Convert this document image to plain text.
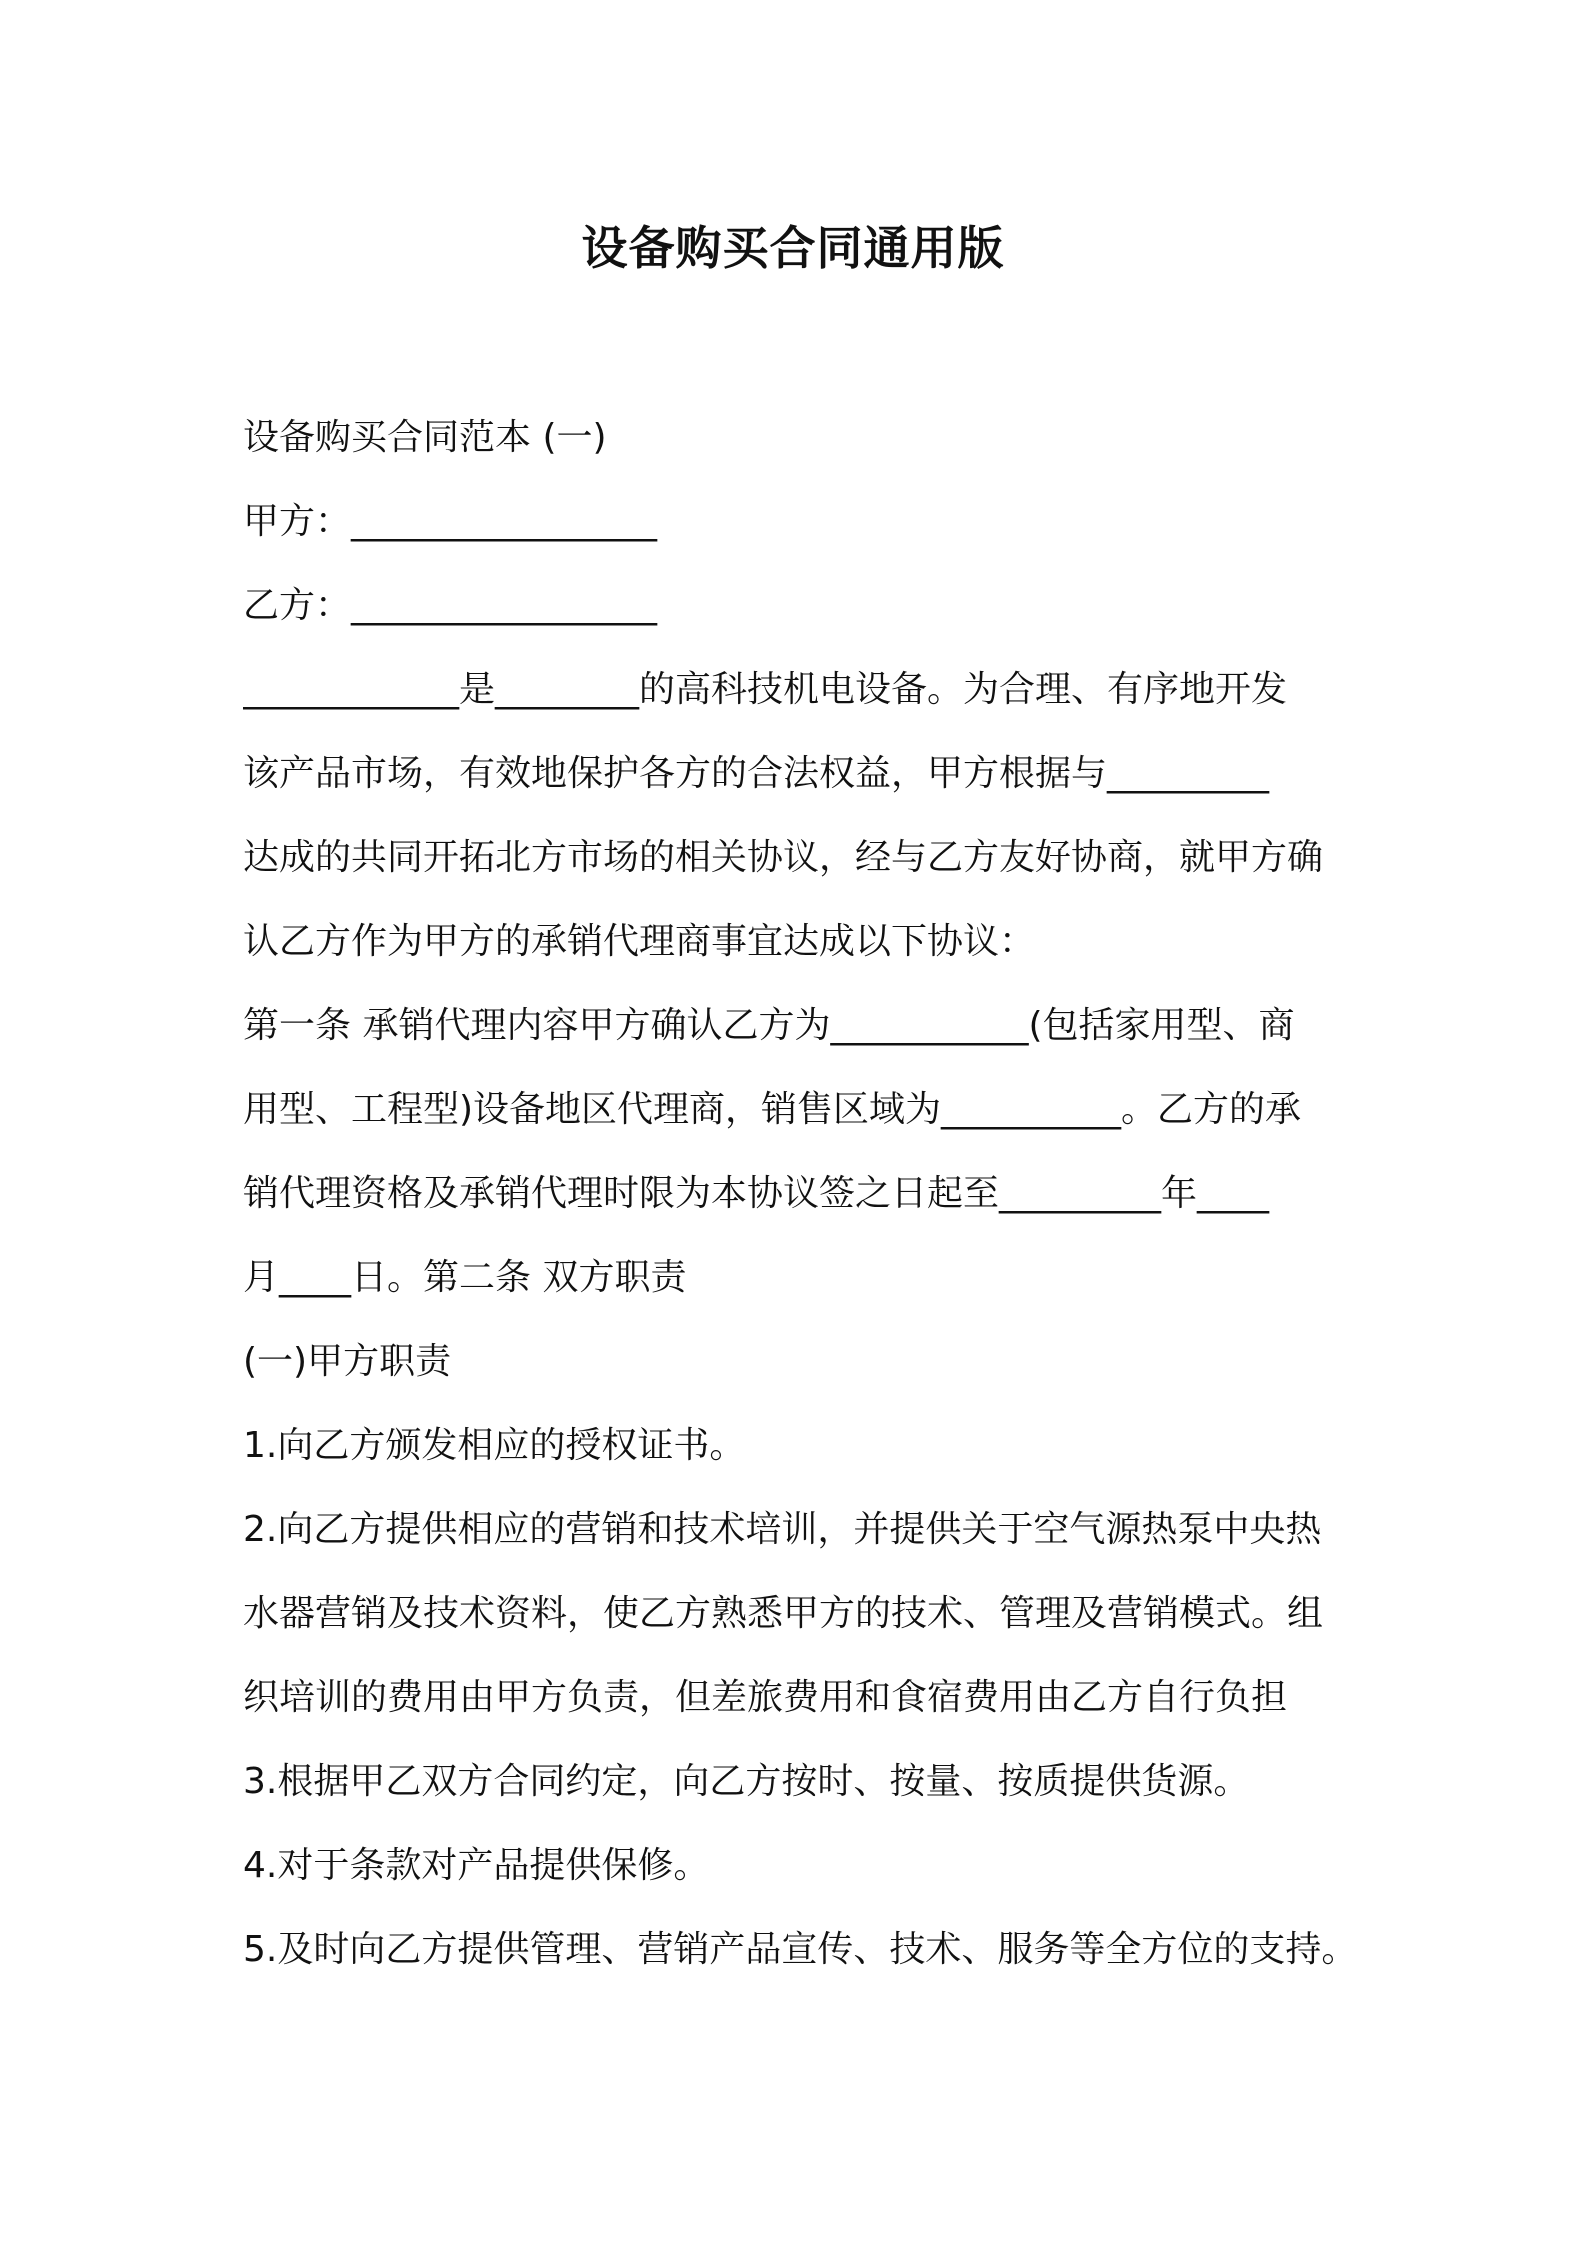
设备购买合同通用版
设备购买合同范本 (一)
甲方：_________________
乙方：_________________
____________是________的高科技机电设备。为合理、有序地开发
该产品市场，有效地保护各方的合法权益，甲方根据与_________
达成的共同开拓北方市场的相关协议，经与乙方友好协商，就甲方确
认乙方作为甲方的承销代理商事宜达成以下协议：
第一条 承销代理内容甲方确认乙方为___________(包括家用型、商
用型、工程型)设备地区代理商，销售区域为__________。乙方的承
销代理资格及承销代理时限为本协议签之日起至_________年____
月____日。第二条 双方职责
(一)甲方职责
1.向乙方颁发相应的授权证书。
2.向乙方提供相应的营销和技术培训，并提供关于空气源热泵中央热
水器营销及技术资料，使乙方熟悉甲方的技术、管理及营销模式。组
织培训的费用由甲方负责，但差旅费用和食宿费用由乙方自行负担
3.根据甲乙双方合同约定，向乙方按时、按量、按质提供货源。
4.对于条款对产品提供保修。
5.及时向乙方提供管理、营销产品宣传、技术、服务等全方位的支持。
